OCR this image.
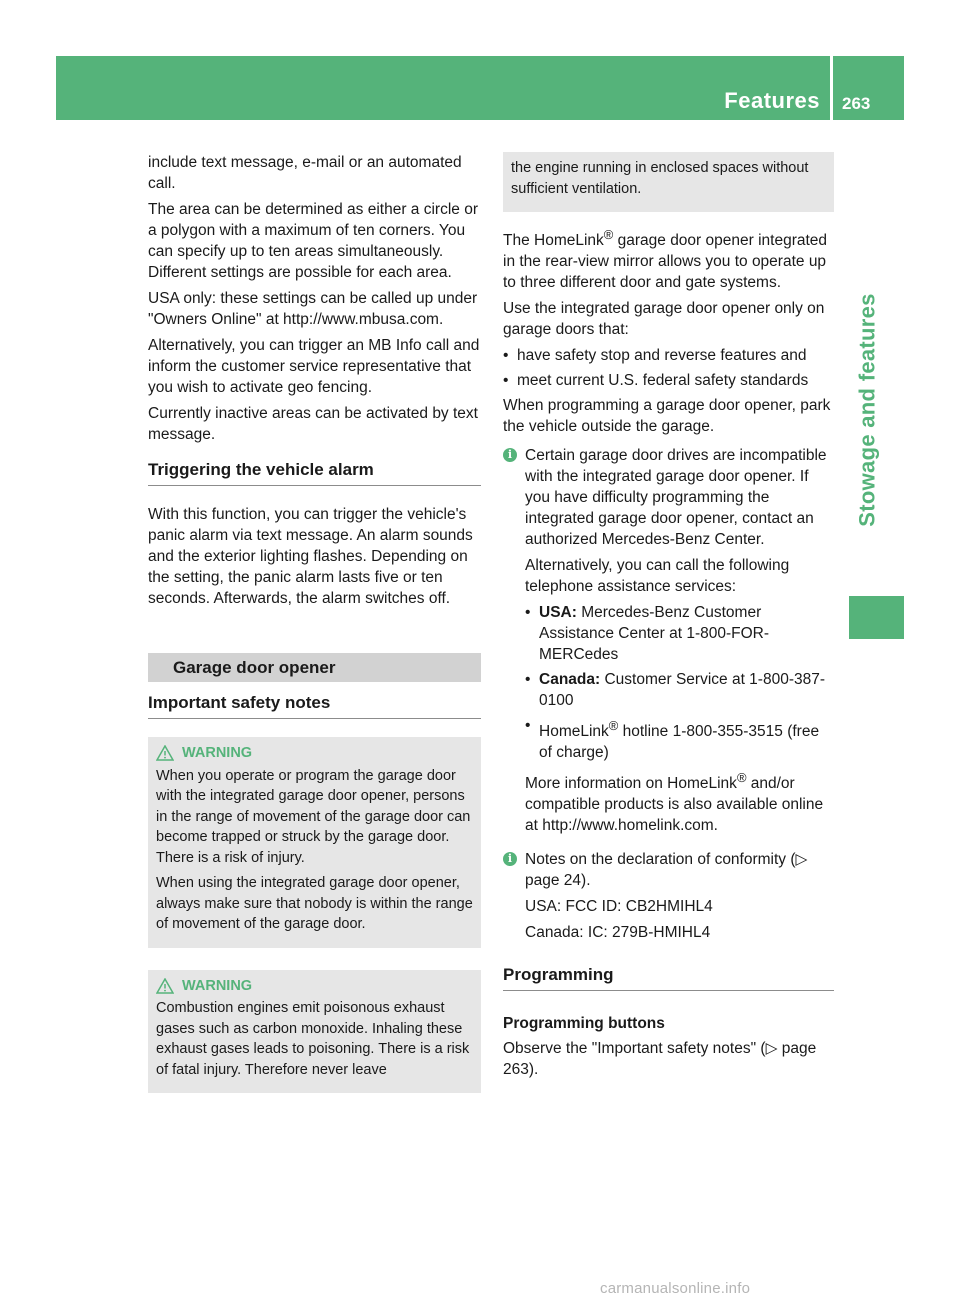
Features 263
Stowage and features

include text message, e-mail or an automated call.

The area can be determined as either a circle or a polygon with a maximum of ten corners. You can specify up to ten areas simultaneously. Different settings are possible for each area.

USA only: these settings can be called up under "Owners Online" at http://www.mbusa.com.

Alternatively, you can trigger an MB Info call and inform the customer service representative that you wish to activate geo fencing.

Currently inactive areas can be activated by text message.

Triggering the vehicle alarm

With this function, you can trigger the vehicle's panic alarm via text message. An alarm sounds and the exterior lighting flashes. Depending on the setting, the panic alarm lasts five or ten seconds. Afterwards, the alarm switches off.

Garage door opener
Important safety notes
WARNING

When you operate or program the garage door with the integrated garage door opener, persons in the range of movement of the garage door can become trapped or struck by the garage door. There is a risk of injury.

When using the integrated garage door opener, always make sure that nobody is within the range of movement of the garage door.

WARNING

Combustion engines emit poisonous exhaust gases such as carbon monoxide. Inhaling these exhaust gases leads to poisoning. There is a risk of fatal injury. Therefore never leave

the engine running in enclosed spaces without sufficient ventilation.

The HomeLink® garage door opener integrated in the rear-view mirror allows you to operate up to three different door and gate systems.

Use the integrated garage door opener only on garage doors that:

• have safety stop and reverse features and
• meet current U.S. federal safety standards

When programming a garage door opener, park the vehicle outside the garage.

i Certain garage door drives are incompatible with the integrated garage door opener. If you have difficulty programming the integrated garage door opener, contact an authorized Mercedes-Benz Center.

Alternatively, you can call the following telephone assistance services:

• USA: Mercedes-Benz Customer Assistance Center at 1-800-FOR-MERCedes
• Canada: Customer Service at 1-800-387-0100
• HomeLink® hotline 1-800-355-3515 (free of charge)

More information on HomeLink® and/or compatible products is also available online at http://www.homelink.com.

i Notes on the declaration of conformity (▷ page 24).

USA: FCC ID: CB2HMIHL4

Canada: IC: 279B-HMIHL4

Programming
Programming buttons

Observe the "Important safety notes" (▷ page 263).

carmanualsonline.info
